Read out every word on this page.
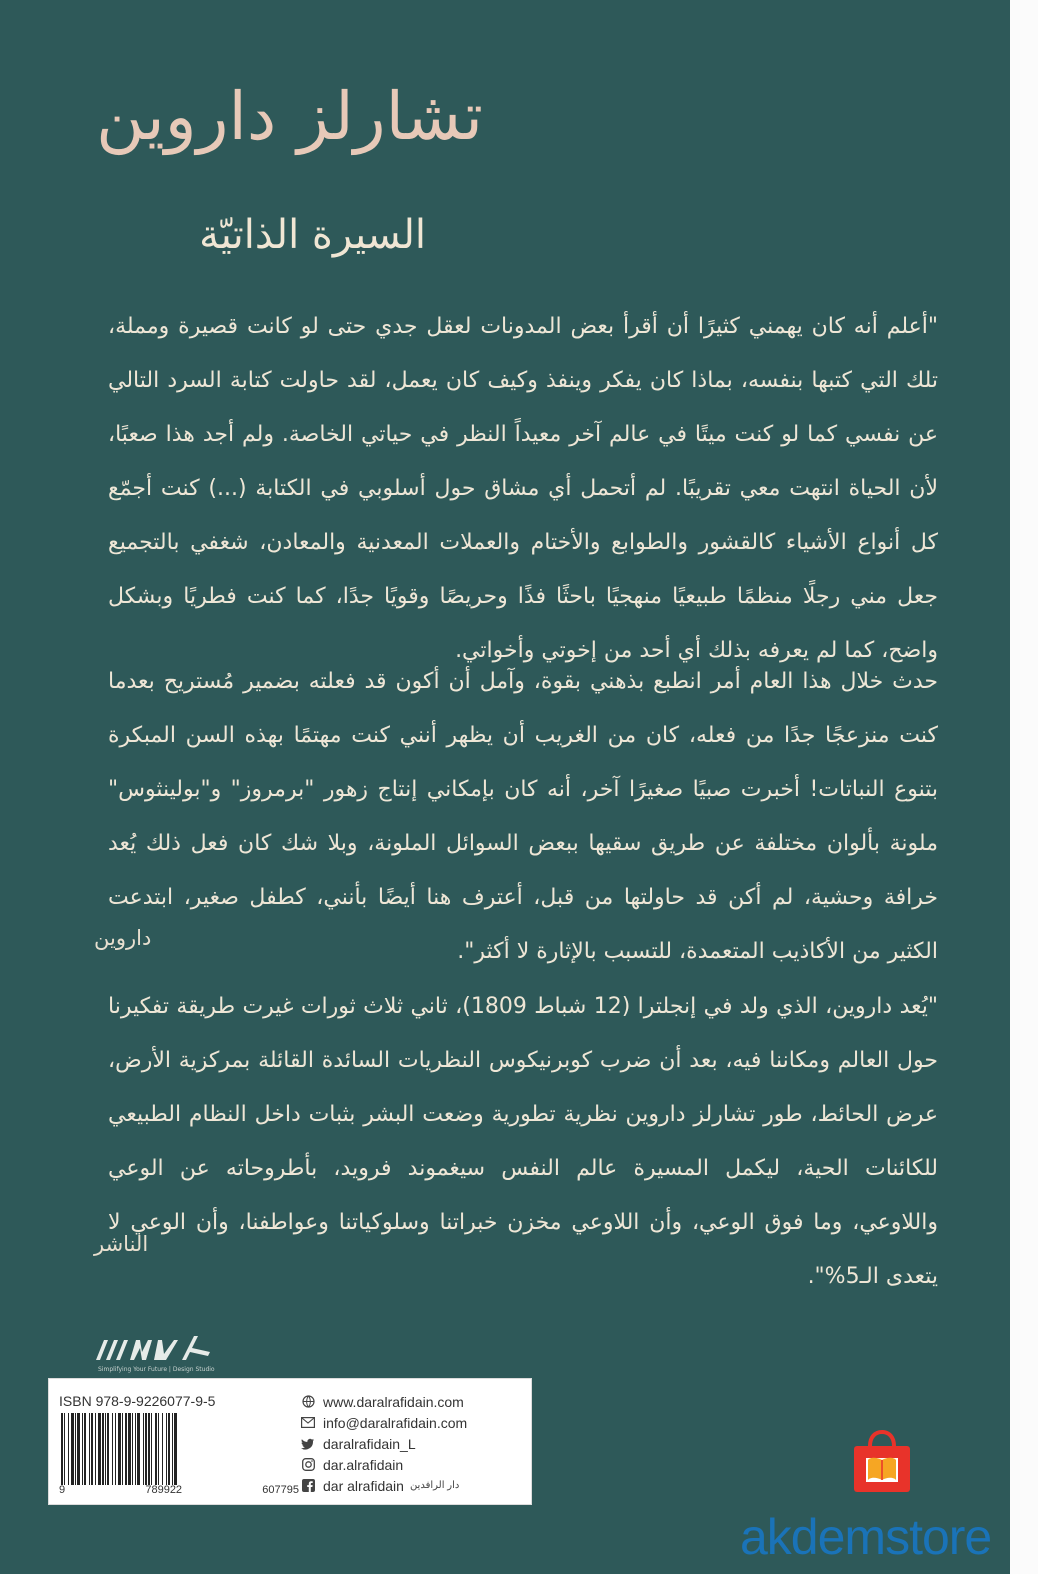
تشارلز داروين
السيرة الذاتيّة
"أعلم أنه كان يهمني كثيرًا أن أقرأ بعض المدونات لعقل جدي حتى لو كانت قصيرة ومملة، تلك التي كتبها بنفسه، بماذا كان يفكر وينفذ وكيف كان يعمل، لقد حاولت كتابة السرد التالي عن نفسي كما لو كنت ميتًا في عالم آخر معيداً النظر في حياتي الخاصة. ولم أجد هذا صعبًا، لأن الحياة انتهت معي تقريبًا. لم أتحمل أي مشاق حول أسلوبي في الكتابة (...) كنت أجمّع كل أنواع الأشياء كالقشور والطوابع والأختام والعملات المعدنية والمعادن، شغفي بالتجميع جعل مني رجلًا منظمًا طبيعيًا منهجيًا باحثًا فذًا وحريصًا وقويًا جدًا، كما كنت فطريًا وبشكل واضح، كما لم يعرفه بذلك أي أحد من إخوتي وأخواتي.
حدث خلال هذا العام أمر انطبع بذهني بقوة، وآمل أن أكون قد فعلته بضمير مُستريح بعدما كنت منزعجًا جدًا من فعله، كان من الغريب أن يظهر أنني كنت مهتمًا بهذه السن المبكرة بتنوع النباتات! أخبرت صبيًا صغيرًا آخر، أنه كان بإمكاني إنتاج زهور "برمروز" و"بولينثوس" ملونة بألوان مختلفة عن طريق سقيها ببعض السوائل الملونة، وبلا شك كان فعل ذلك يُعد خرافة وحشية، لم أكن قد حاولتها من قبل، أعترف هنا أيضًا بأنني، كطفل صغير، ابتدعت الكثير من الأكاذيب المتعمدة، للتسبب بالإثارة لا أكثر".
داروين
"يُعد داروين، الذي ولد في إنجلترا (12 شباط 1809)، ثاني ثلاث ثورات غيرت طريقة تفكيرنا حول العالم ومكاننا فيه، بعد أن ضرب كوبرنيكوس النظريات السائدة القائلة بمركزية الأرض، عرض الحائط، طور تشارلز داروين نظرية تطورية وضعت البشر بثبات داخل النظام الطبيعي للكائنات الحية، ليكمل المسيرة عالم النفس سيغموند فرويد، بأطروحاته عن الوعي واللاوعي، وما فوق الوعي، وأن اللاوعي مخزن خبراتنا وسلوكياتنا وعواطفنا، وأن الوعي لا يتعدى الـ5%".
الناشر
Simplifying Your Future | Design Studio
ISBN 978-9-9226077-9-5
9	789922	607795
www.daralrafidain.com
info@daralrafidain.com
daralrafidain_L
dar.alrafidain
dar alrafidain دار الرافدين
akdemstore
